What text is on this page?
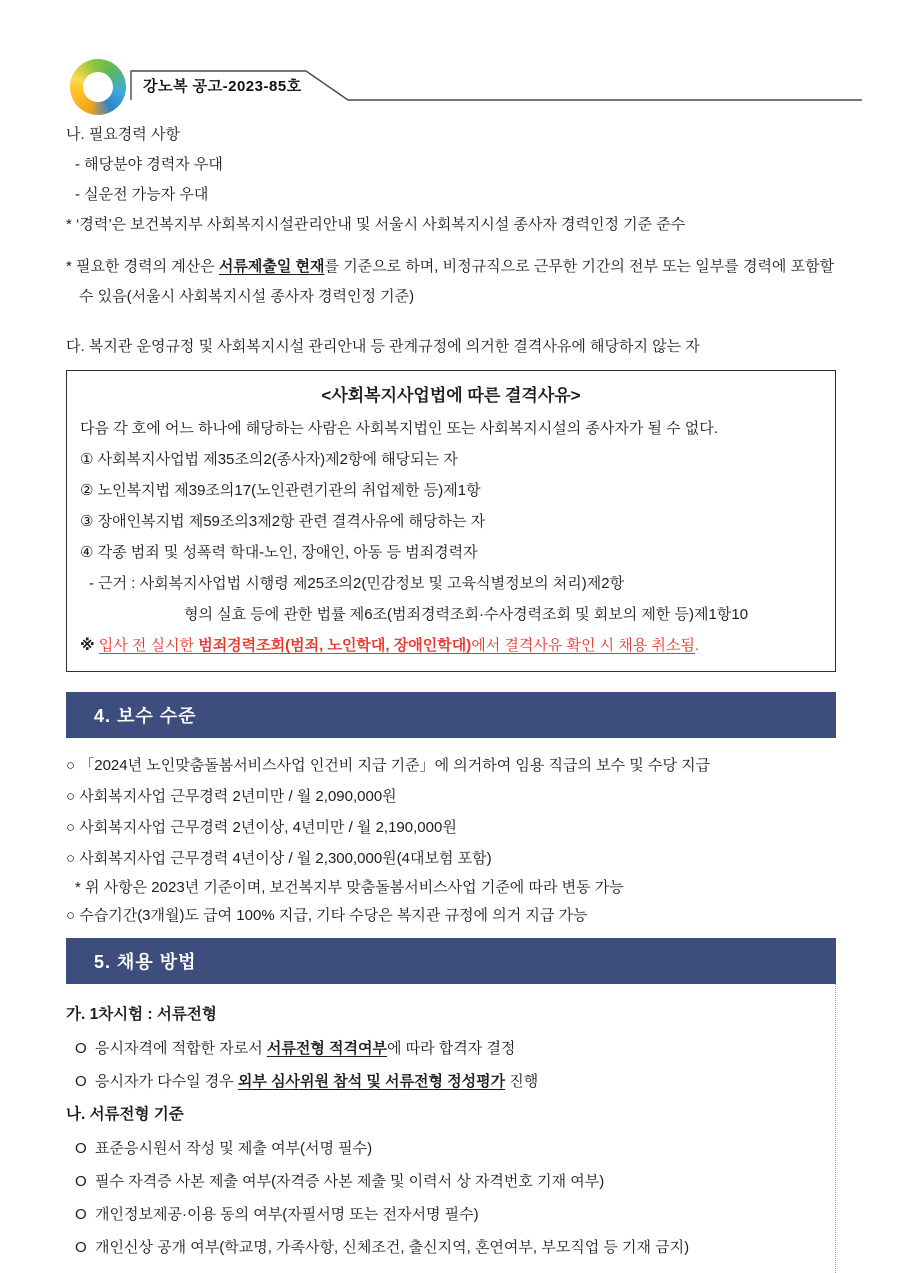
강노복 공고-2023-85호

나. 필요경력 사항

- 해당분야 경력자 우대

- 실운전 가능자 우대

* ‘경력’은 보건복지부 사회복지시설관리안내 및 서울시 사회복지시설 종사자 경력인정 기준 준수

* 필요한 경력의 계산은 서류제출일 현재를 기준으로 하며, 비정규직으로 근무한 기간의 전부 또는 일부를 경력에 포함할 수 있음(서울시 사회복지시설 종사자 경력인정 기준)

다. 복지관 운영규정 및 사회복지시설 관리안내 등 관계규정에 의거한 결격사유에 해당하지 않는 자

<사회복지사업법에 따른 결격사유>

다음 각 호에 어느 하나에 해당하는 사람은 사회복지법인 또는 사회복지시설의 종사자가 될 수 없다.

① 사회복지사업법 제35조의2(종사자)제2항에 해당되는 자

② 노인복지법 제39조의17(노인관련기관의 취업제한 등)제1항

③ 장애인복지법 제59조의3제2항 관련 결격사유에 해당하는 자

④ 각종 범죄 및 성폭력 학대-노인, 장애인, 아동 등 범죄경력자

- 근거 : 사회복지사업법 시행령 제25조의2(민감정보 및 고육식별정보의 처리)제2항

형의 실효 등에 관한 법률 제6조(범죄경력조회·수사경력조회 및 회보의 제한 등)제1항10

※ 입사 전 실시한 범죄경력조회(범죄, 노인학대, 장애인학대)에서 결격사유 확인 시 채용 취소됨.

4. 보수 수준

○ 「2024년 노인맞춤돌봄서비스사업 인건비 지급 기준」에 의거하여 임용 직급의 보수 및 수당 지급

○ 사회복지사업 근무경력 2년미만 / 월 2,090,000원

○ 사회복지사업 근무경력 2년이상, 4년미만 / 월 2,190,000원

○ 사회복지사업 근무경력 4년이상 / 월 2,300,000원(4대보험 포함)

* 위 사항은 2023년 기준이며, 보건복지부 맞춤돌봄서비스사업 기준에 따라 변동 가능

○ 수습기간(3개월)도 급여 100% 지급, 기타 수당은 복지관 규정에 의거 지급 가능

5. 채용 방법

가. 1차시험 : 서류전형

O  응시자격에 적합한 자로서 서류전형 적격여부에 따라 합격자 결정

O  응시자가 다수일 경우 외부 심사위원 참석 및 서류전형 정성평가 진행

나. 서류전형 기준

O  표준응시원서 작성 및 제출 여부(서명 필수)

O  필수 자격증 사본 제출 여부(자격증 사본 제출 및 이력서 상 자격번호 기재 여부)

O  개인정보제공·이용 동의 여부(자필서명 또는 전자서명 필수)

O  개인신상 공개 여부(학교명, 가족사항, 신체조건, 출신지역, 혼연여부, 부모직업 등 기재 금지)
